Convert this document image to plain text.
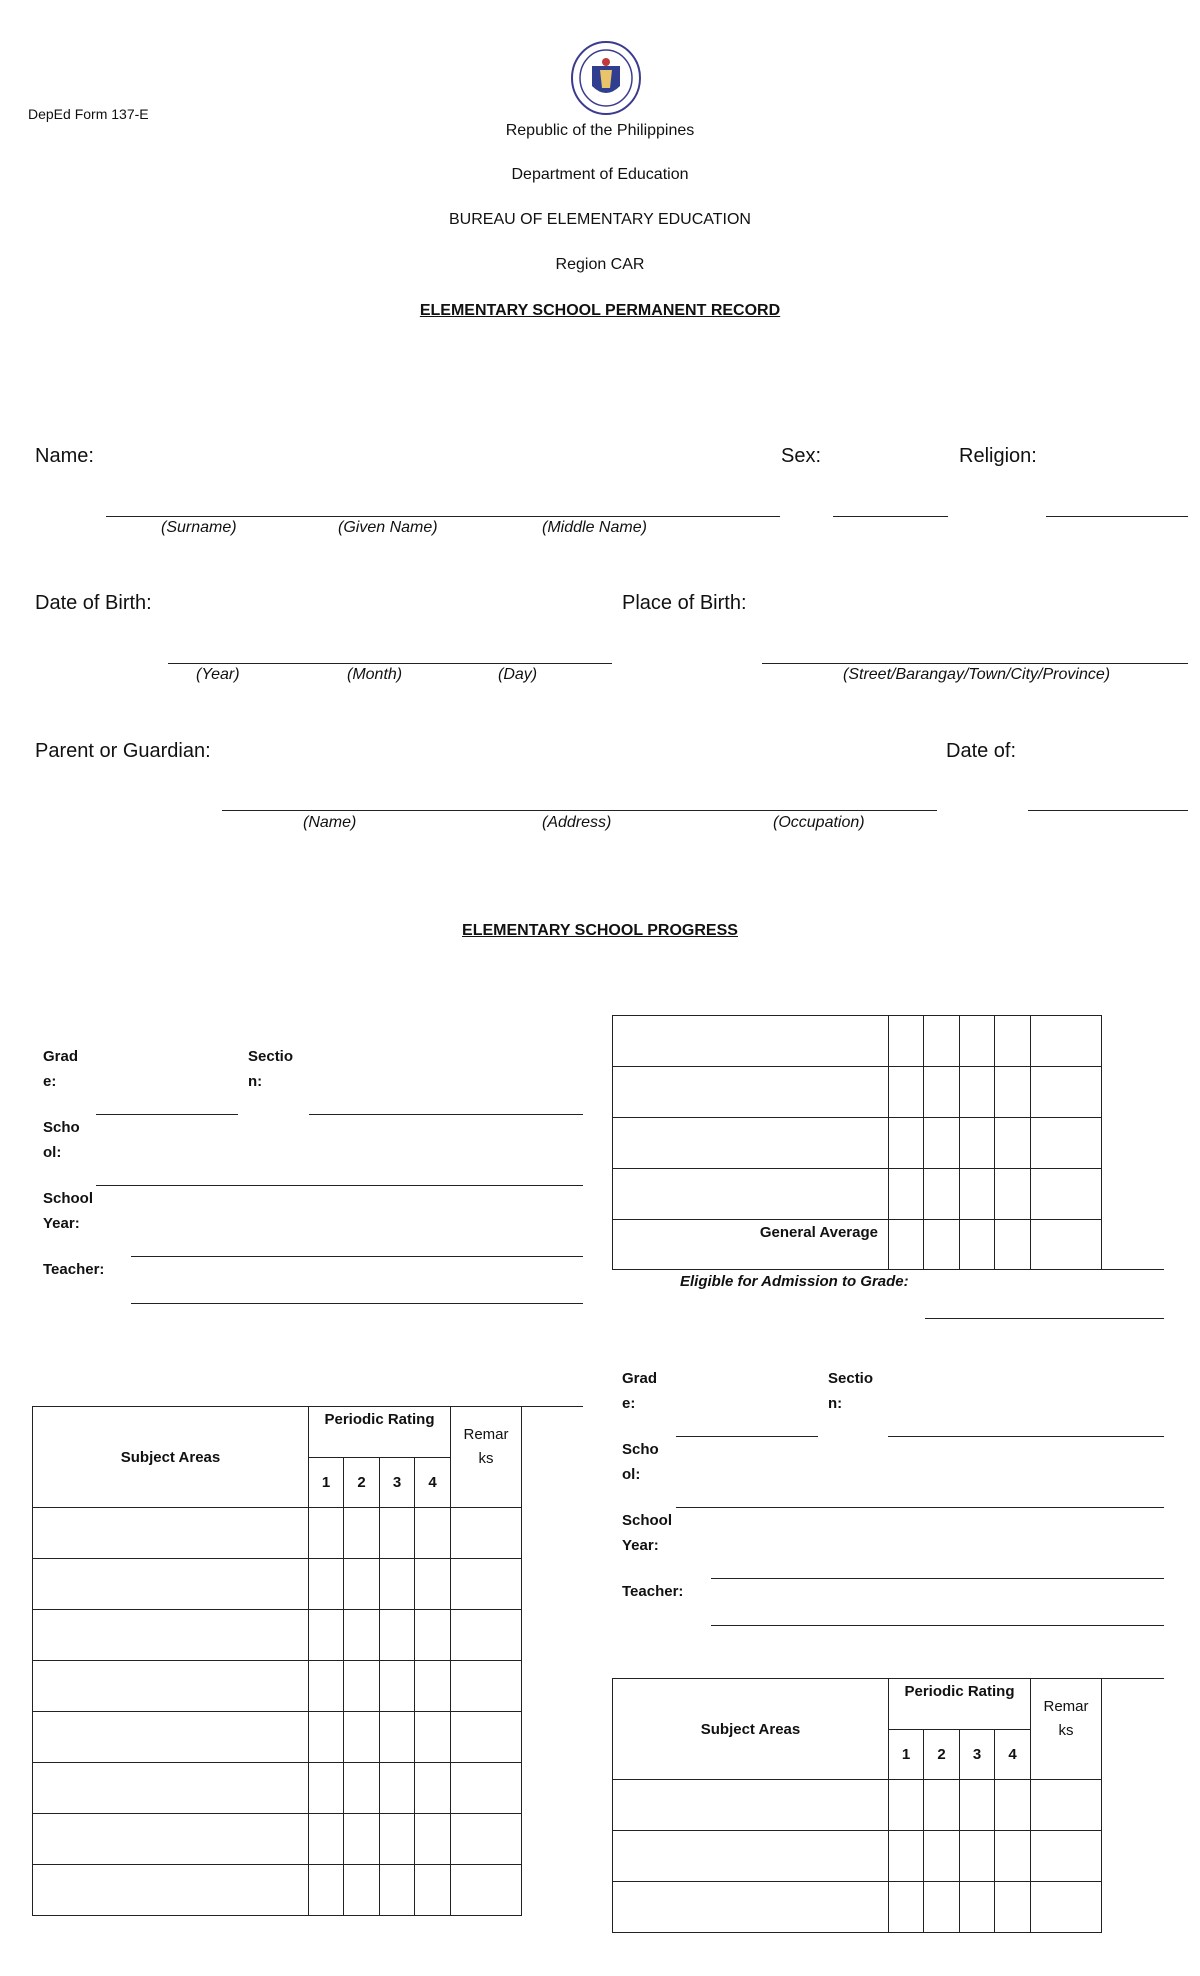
DepEd Form 137-E
Republic of the Philippines
Department of Education
BUREAU OF ELEMENTARY EDUCATION
Region CAR
ELEMENTARY SCHOOL PERMANENT RECORD
Name:	Sex:	Religion:
(Surname)	(Given Name)	(Middle Name)
Date of Birth:	Place of Birth:
(Year)	(Month)	(Day)	(Street/Barangay/Town/City/Province)
Parent or Guardian:	Date of:
(Name)	(Address)	(Occupation)
ELEMENTARY SCHOOL PROGRESS
Grad
e:
Sectio
n:
Scho
ol:
School
Year:
Teacher:

General Average					
Eligible for Admission to Grade:
Grad
e:
Sectio
n:
Scho
ol:
School
Year:
Teacher:
Subject Areas	Periodic Rating				Remar
ks

	1	2	3	4	

Subject Areas	Periodic Rating				Remar
ks

	1	2	3	4	
